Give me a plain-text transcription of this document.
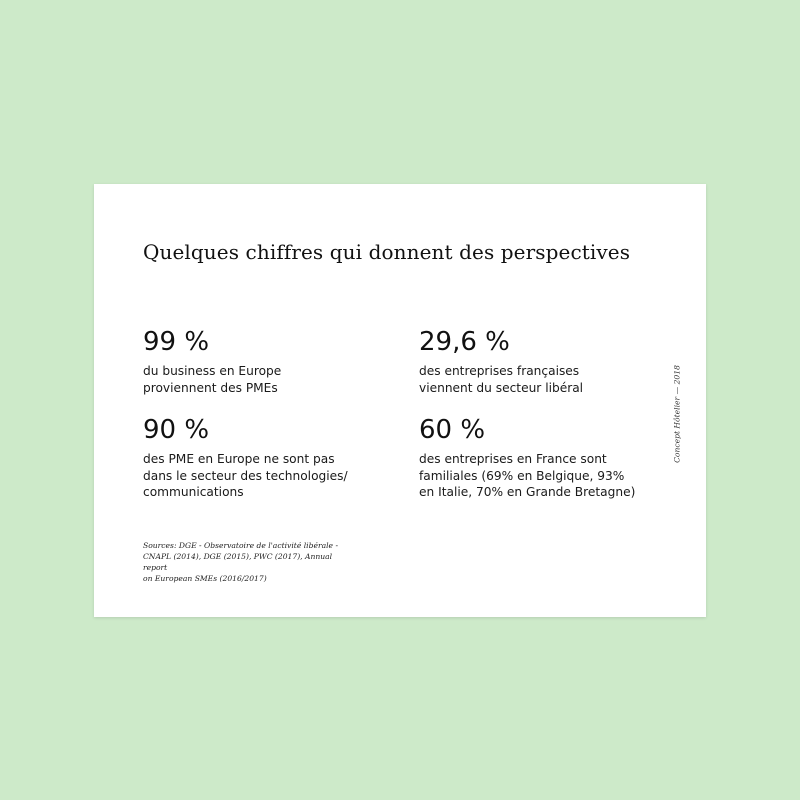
Quelques chiffres qui donnent des perspectives
99 %
du business en Europe
proviennent des PMEs
29,6 %
des entreprises françaises
viennent du secteur libéral
90 %
des PME en Europe ne sont pas
dans le secteur des technologies/
communications
60 %
des entreprises en France sont
familiales (69% en Belgique, 93%
en Italie, 70% en Grande Bretagne)
Sources: DGE - Observatoire de l'activité libérale -
CNAPL (2014), DGE (2015), PWC (2017), Annual report
on European SMEs (2016/2017)
Concept Hôtelier — 2018
